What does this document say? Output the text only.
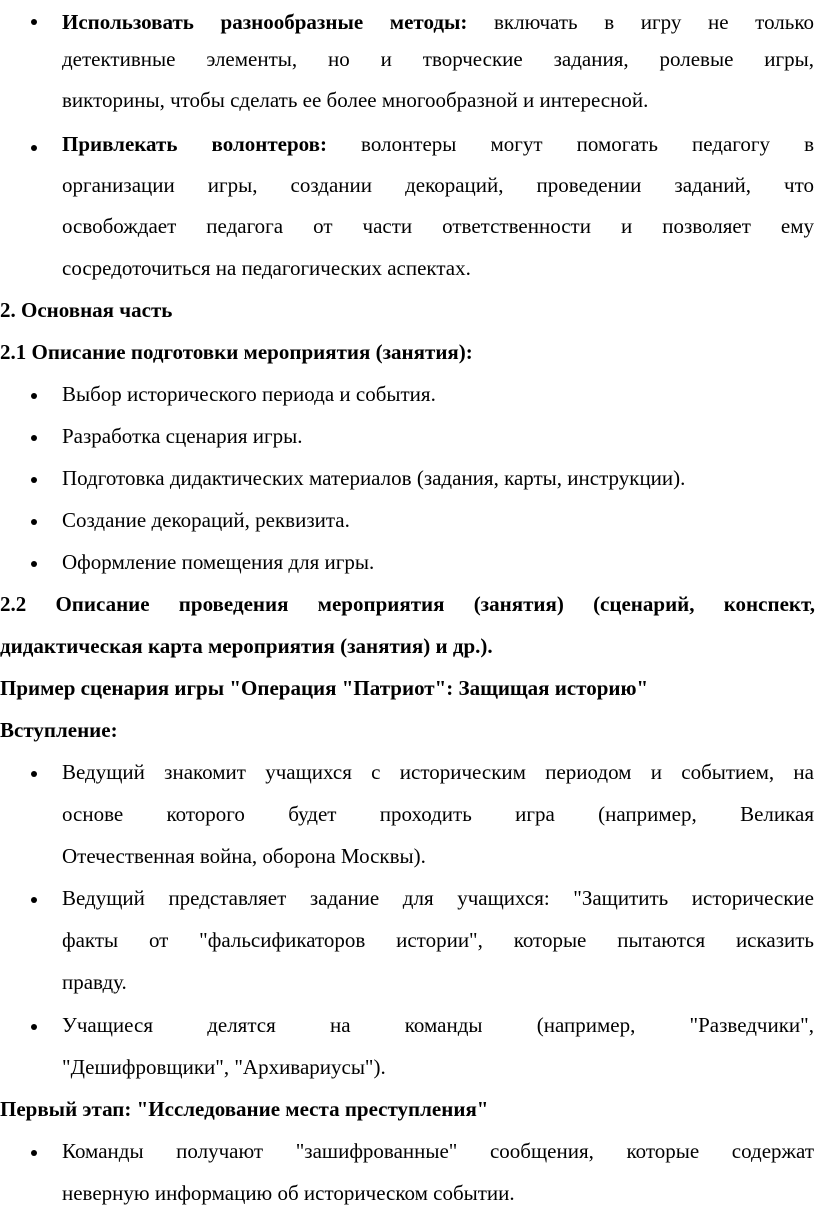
Использовать разнообразные методы: включать в игру не только
детективные элементы, но и творческие задания, ролевые игры,
викторины, чтобы сделать ее более многообразной и интересной.
Привлекать волонтеров: волонтеры могут помогать педагогу в
организации игры, создании декораций, проведении заданий, что
освобождает педагога от части ответственности и позволяет ему
сосредоточиться на педагогических аспектах.
2. Основная часть
2.1 Описание подготовки мероприятия (занятия):
Выбор исторического периода и события.
Разработка сценария игры.
Подготовка дидактических материалов (задания, карты, инструкции).
Создание декораций, реквизита.
Оформление помещения для игры.
2.2 Описание проведения мероприятия (занятия) (сценарий, конспект,
дидактическая карта мероприятия (занятия) и др.).
Пример сценария игры "Операция "Патриот": Защищая историю"
Вступление:
Ведущий знакомит учащихся с историческим периодом и событием, на
основе которого будет проходить игра (например, Великая
Отечественная война, оборона Москвы).
Ведущий представляет задание для учащихся: "Защитить исторические
факты от "фальсификаторов истории", которые пытаются исказить
правду.
Учащиеся делятся на команды (например, "Разведчики",
"Дешифровщики", "Архивариусы").
Первый этап: "Исследование места преступления"
Команды получают "зашифрованные" сообщения, которые содержат
неверную информацию об историческом событии.
